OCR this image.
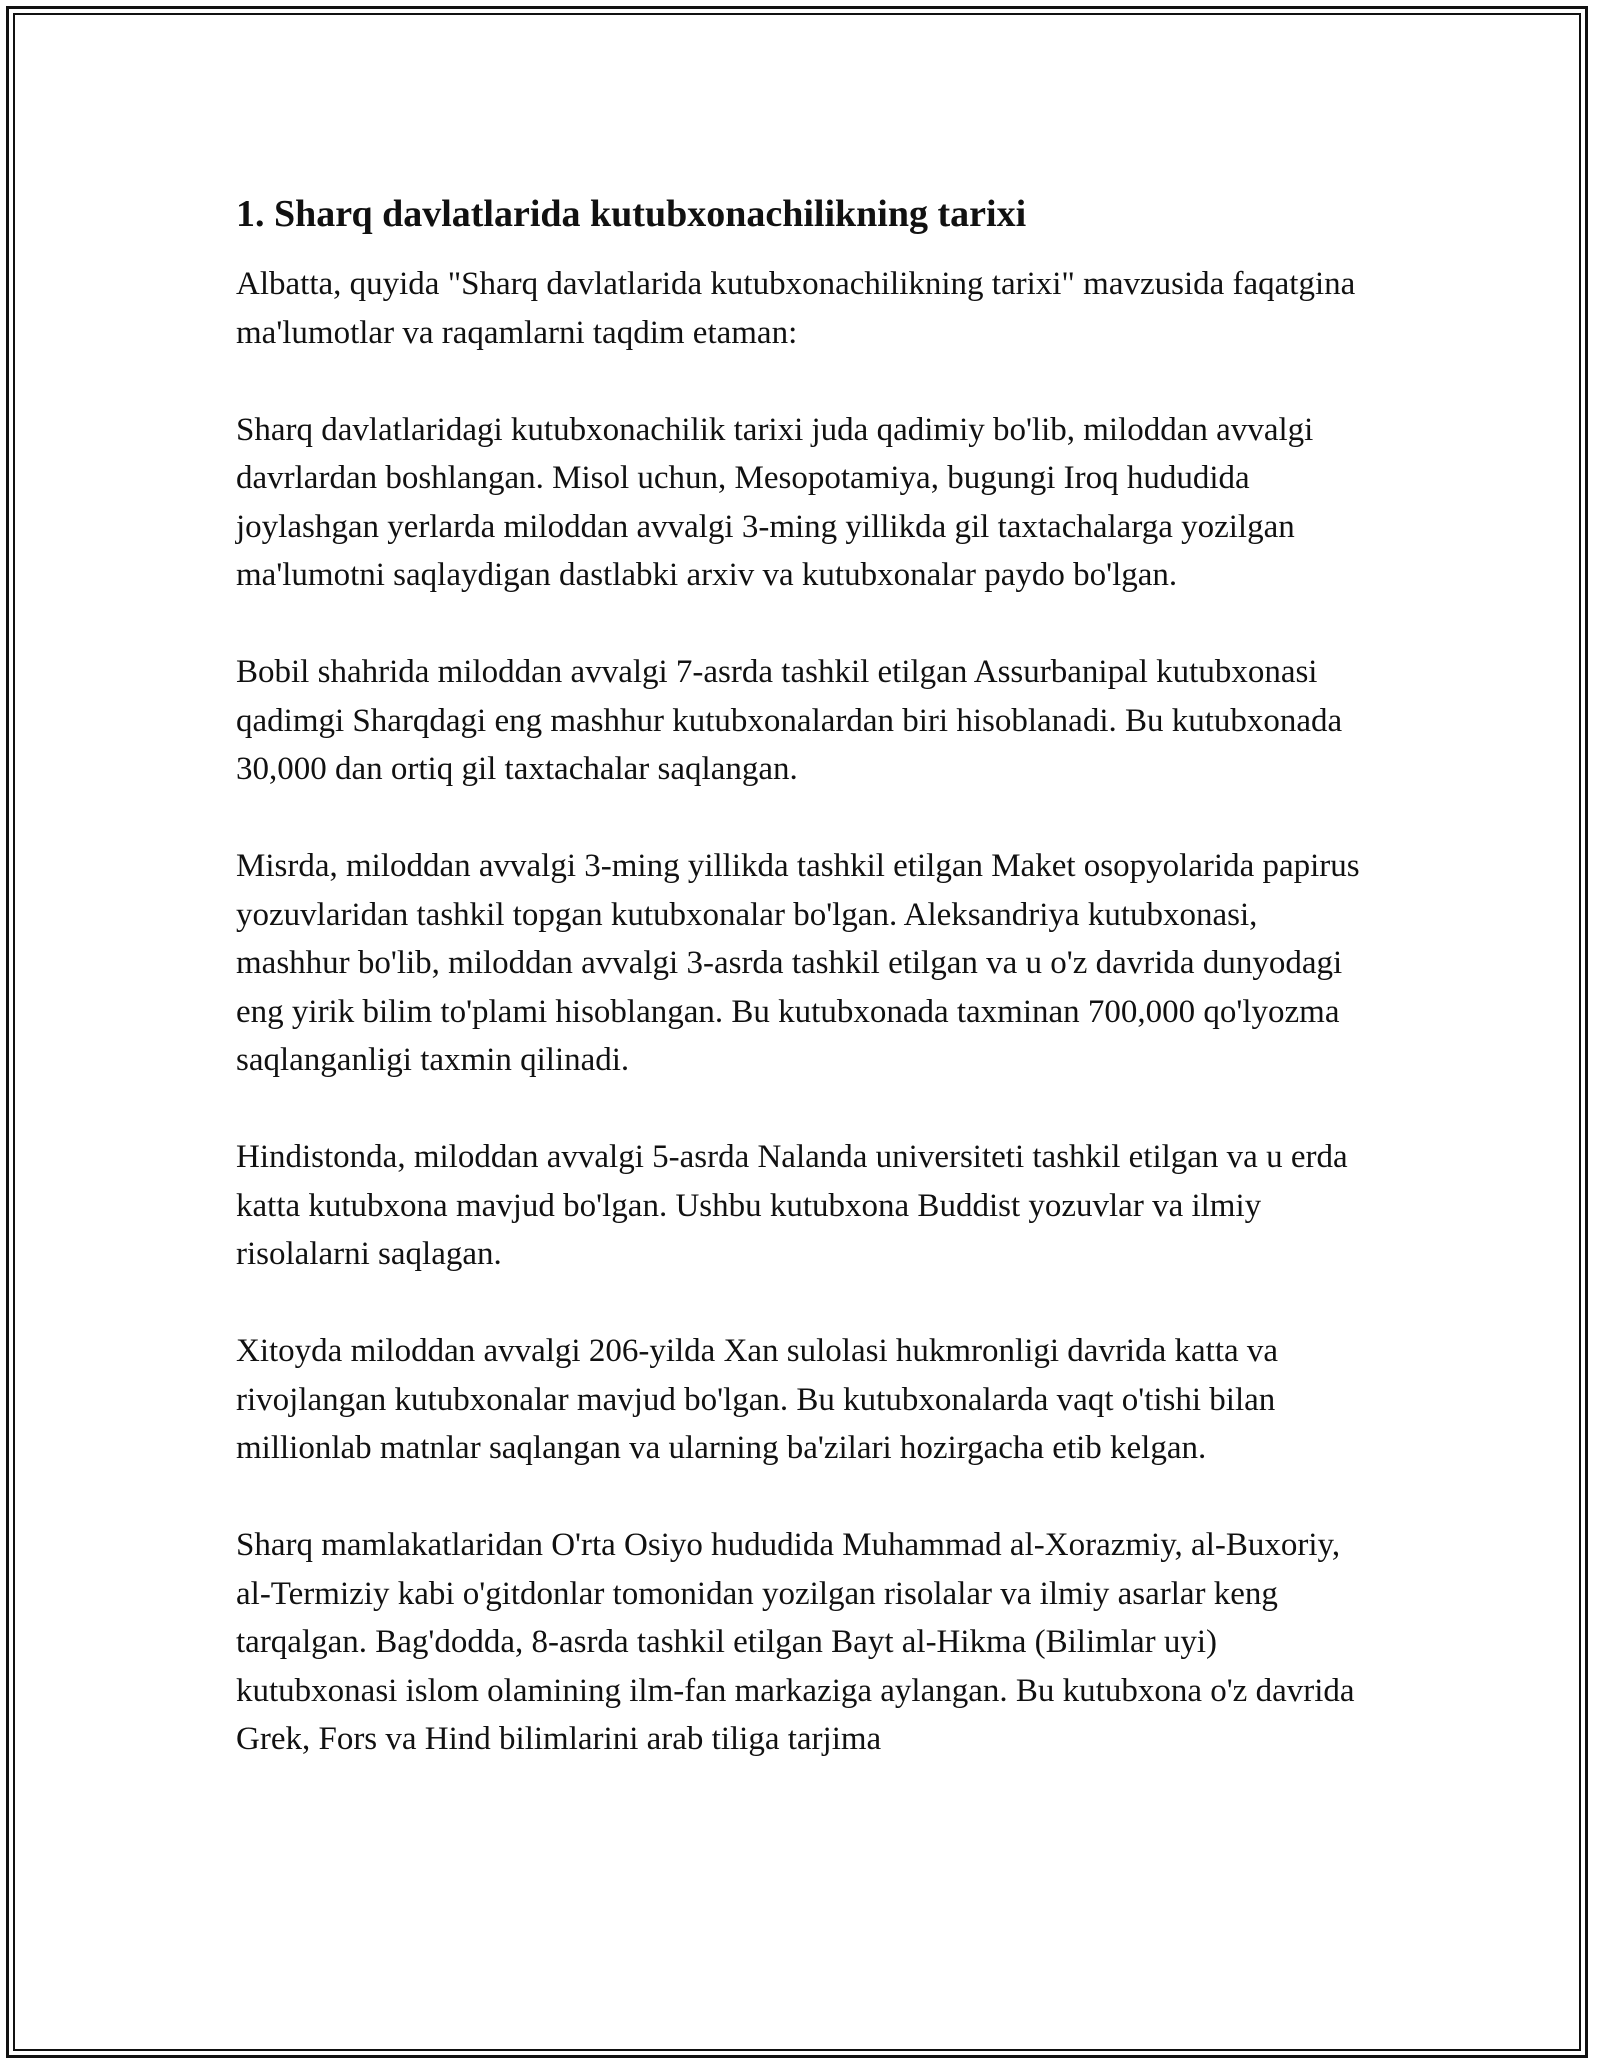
1. Sharq davlatlarida kutubxonachilikning tarixi

Albatta, quyida "Sharq davlatlarida kutubxonachilikning tarixi" mavzusida faqatgina ma'lumotlar va raqamlarni taqdim etaman:

Sharq davlatlaridagi kutubxonachilik tarixi juda qadimiy bo'lib, miloddan avvalgi davrlardan boshlangan. Misol uchun, Mesopotamiya, bugungi Iroq hududida joylashgan yerlarda miloddan avvalgi 3-ming yillikda gil taxtachalarga yozilgan ma'lumotni saqlaydigan dastlabki arxiv va kutubxonalar paydo bo'lgan.

Bobil shahrida miloddan avvalgi 7-asrda tashkil etilgan Assurbanipal kutubxonasi qadimgi Sharqdagi eng mashhur kutubxonalardan biri hisoblanadi. Bu kutubxonada 30,000 dan ortiq gil taxtachalar saqlangan.

Misrda, miloddan avvalgi 3-ming yillikda tashkil etilgan Maket osopyolarida papirus yozuvlaridan tashkil topgan kutubxonalar bo'lgan. Aleksandriya kutubxonasi, mashhur bo'lib, miloddan avvalgi 3-asrda tashkil etilgan va u o'z davrida dunyodagi eng yirik bilim to'plami hisoblangan. Bu kutubxonada taxminan 700,000 qo'lyozma saqlanganligi taxmin qilinadi.

Hindistonda, miloddan avvalgi 5-asrda Nalanda universiteti tashkil etilgan va u erda katta kutubxona mavjud bo'lgan. Ushbu kutubxona Buddist yozuvlar va ilmiy risolalarni saqlagan.

Xitoyda miloddan avvalgi 206-yilda Xan sulolasi hukmronligi davrida katta va rivojlangan kutubxonalar mavjud bo'lgan. Bu kutubxonalarda vaqt o'tishi bilan millionlab matnlar saqlangan va ularning ba'zilari hozirgacha etib kelgan.

Sharq mamlakatlaridan O'rta Osiyo hududida Muhammad al-Xorazmiy, al-Buxoriy, al-Termiziy kabi o'gitdonlar tomonidan yozilgan risolalar va ilmiy asarlar keng tarqalgan. Bag'dodda, 8-asrda tashkil etilgan Bayt al-Hikma (Bilimlar uyi) kutubxonasi islom olamining ilm-fan markaziga aylangan. Bu kutubxona o'z davrida Grek, Fors va Hind bilimlarini arab tiliga tarjima
